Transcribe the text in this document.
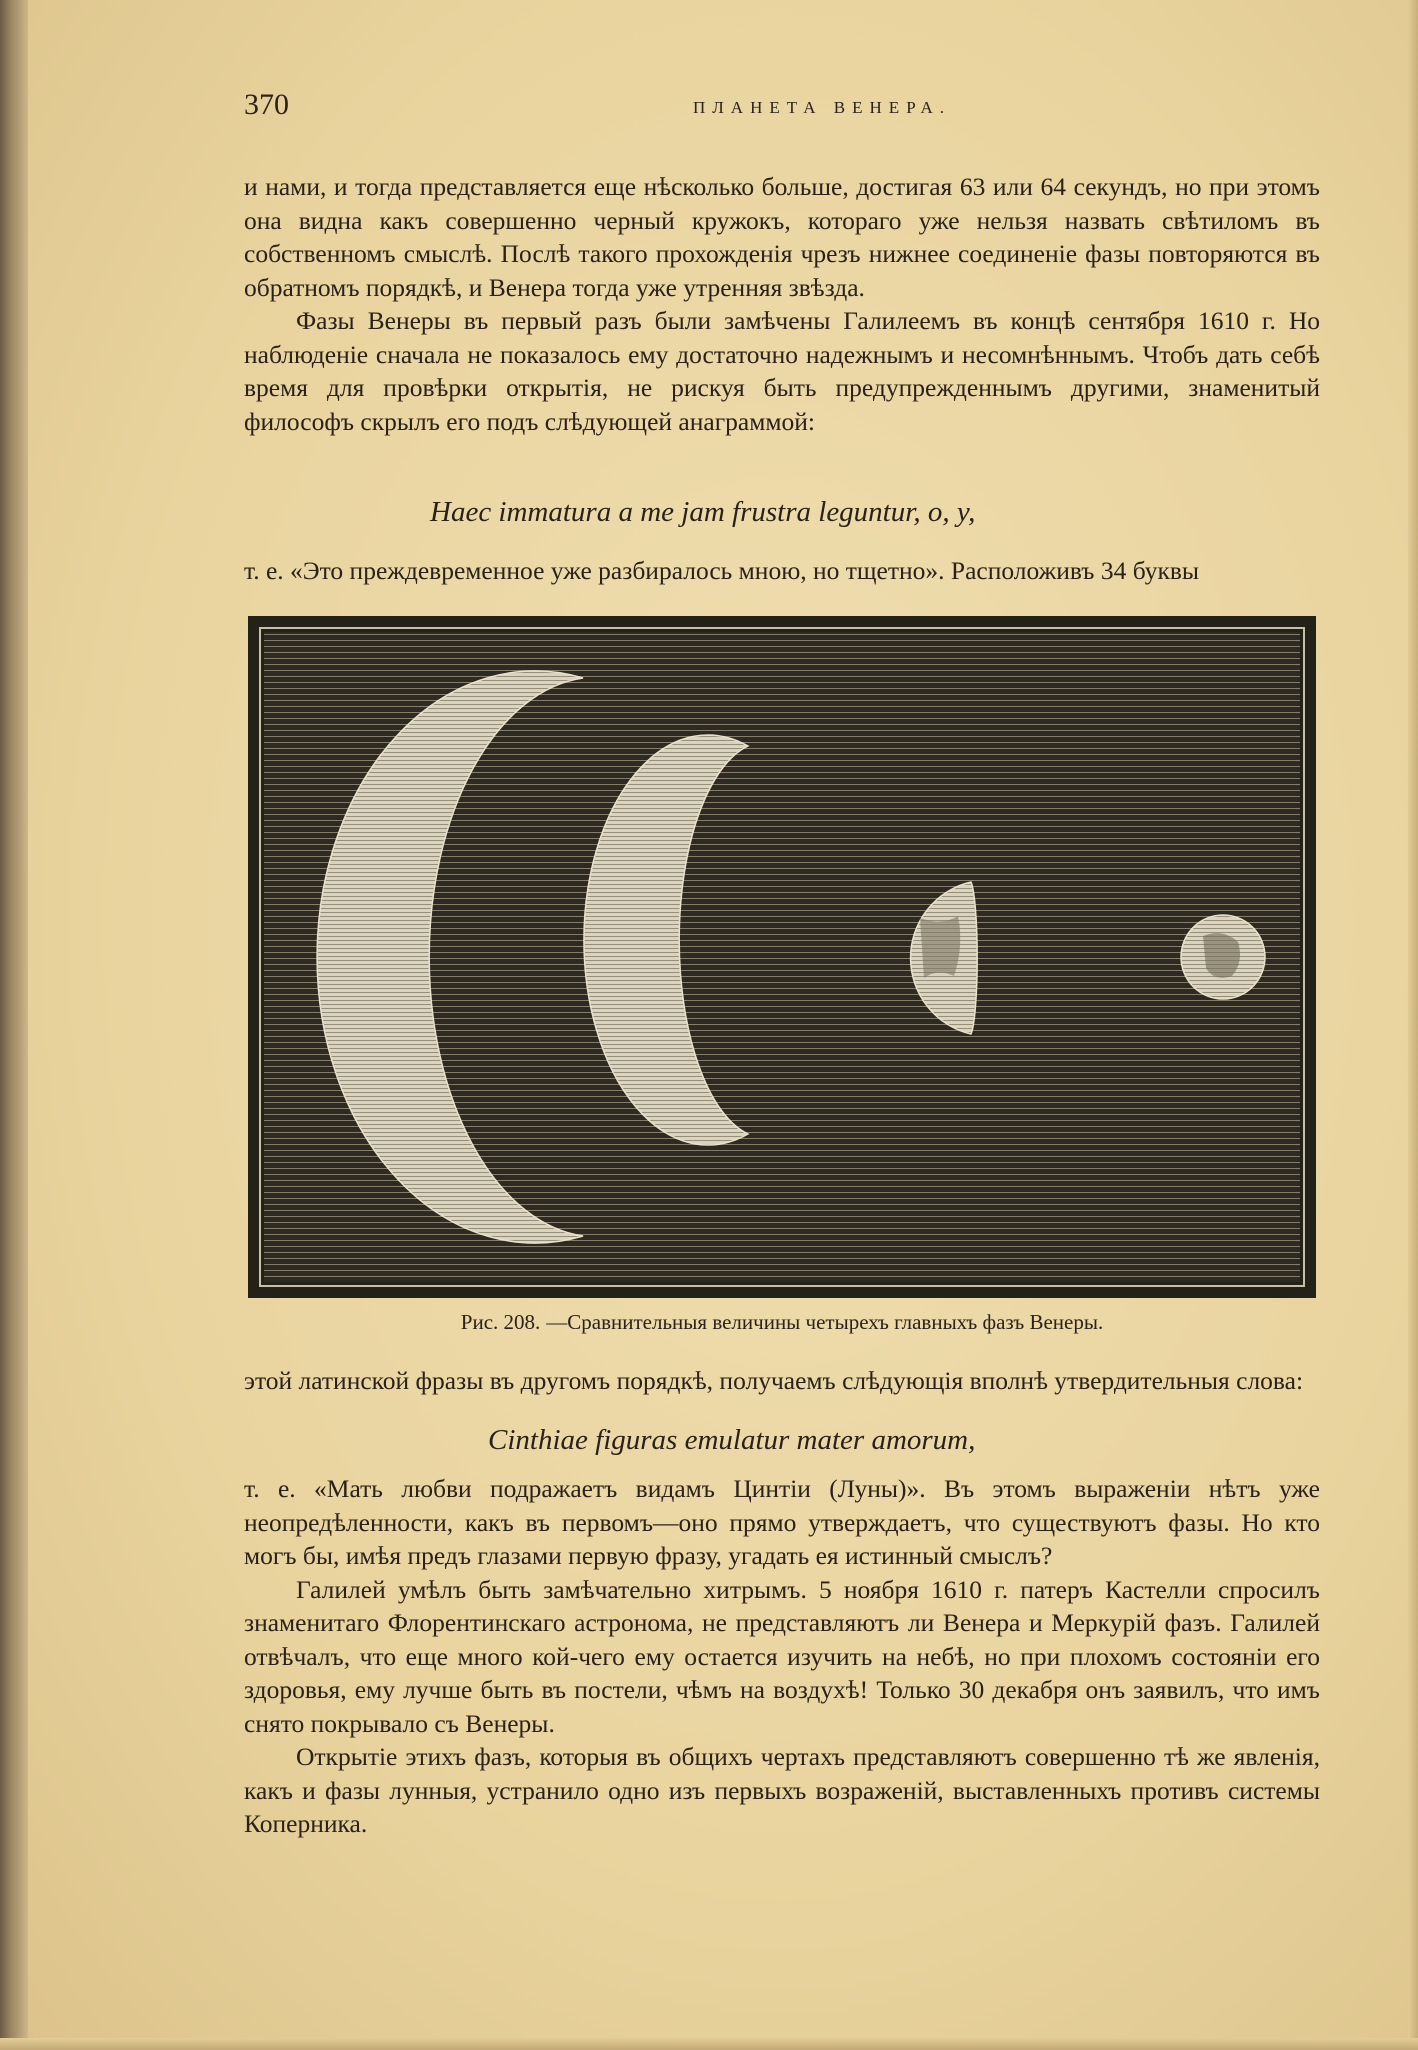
370	ПЛАНЕТА ВЕНЕРА.

и нами, и тогда представляется еще нѣсколько больше, достигая 63 или 64 секундъ, но при этомъ она видна какъ совершенно черный кружокъ, котораго уже нельзя назвать свѣтиломъ въ собственномъ смыслѣ. Послѣ такого прохожденія чрезъ нижнее соединеніе фазы повторяются въ обратномъ порядкѣ, и Венера тогда уже утренняя звѣзда.

Фазы Венеры въ первый разъ были замѣчены Галилеемъ въ концѣ сентября 1610 г. Но наблюденіе сначала не показалось ему достаточно надежнымъ и несомнѣннымъ. Чтобъ дать себѣ время для провѣрки открытія, не рискуя быть предупрежденнымъ другими, знаменитый философъ скрылъ его подъ слѣдующей анаграммой:

Haec immatura a me jam frustra leguntur, o, y,

т. е. «Это преждевременное уже разбиралось мною, но тщетно». Расположивъ 34 буквы

Рис. 208. —Сравнительныя величины четырехъ главныхъ фазъ Венеры.

этой латинской фразы въ другомъ порядкѣ, получаемъ слѣдующія вполнѣ утвердительныя слова:

Cinthiae figuras emulatur mater amorum,

т. е. «Мать любви подражаетъ видамъ Цинтіи (Луны)». Въ этомъ выраженіи нѣтъ уже неопредѣленности, какъ въ первомъ—оно прямо утверждаетъ, что существуютъ фазы. Но кто могъ бы, имѣя предъ глазами первую фразу, угадать ея истинный смыслъ?

Галилей умѣлъ быть замѣчательно хитрымъ. 5 ноября 1610 г. патеръ Кастелли спросилъ знаменитаго Флорентинскаго астронома, не представляютъ ли Венера и Меркурій фазъ. Галилей отвѣчалъ, что еще много кой-чего ему остается изучить на небѣ, но при плохомъ состояніи его здоровья, ему лучше быть въ постели, чѣмъ на воздухѣ! Только 30 декабря онъ заявилъ, что имъ снято покрывало съ Венеры.

Открытіе этихъ фазъ, которыя въ общихъ чертахъ представляютъ совершенно тѣ же явленія, какъ и фазы лунныя, устранило одно изъ первыхъ возраженій, выставленныхъ противъ системы Коперника.
